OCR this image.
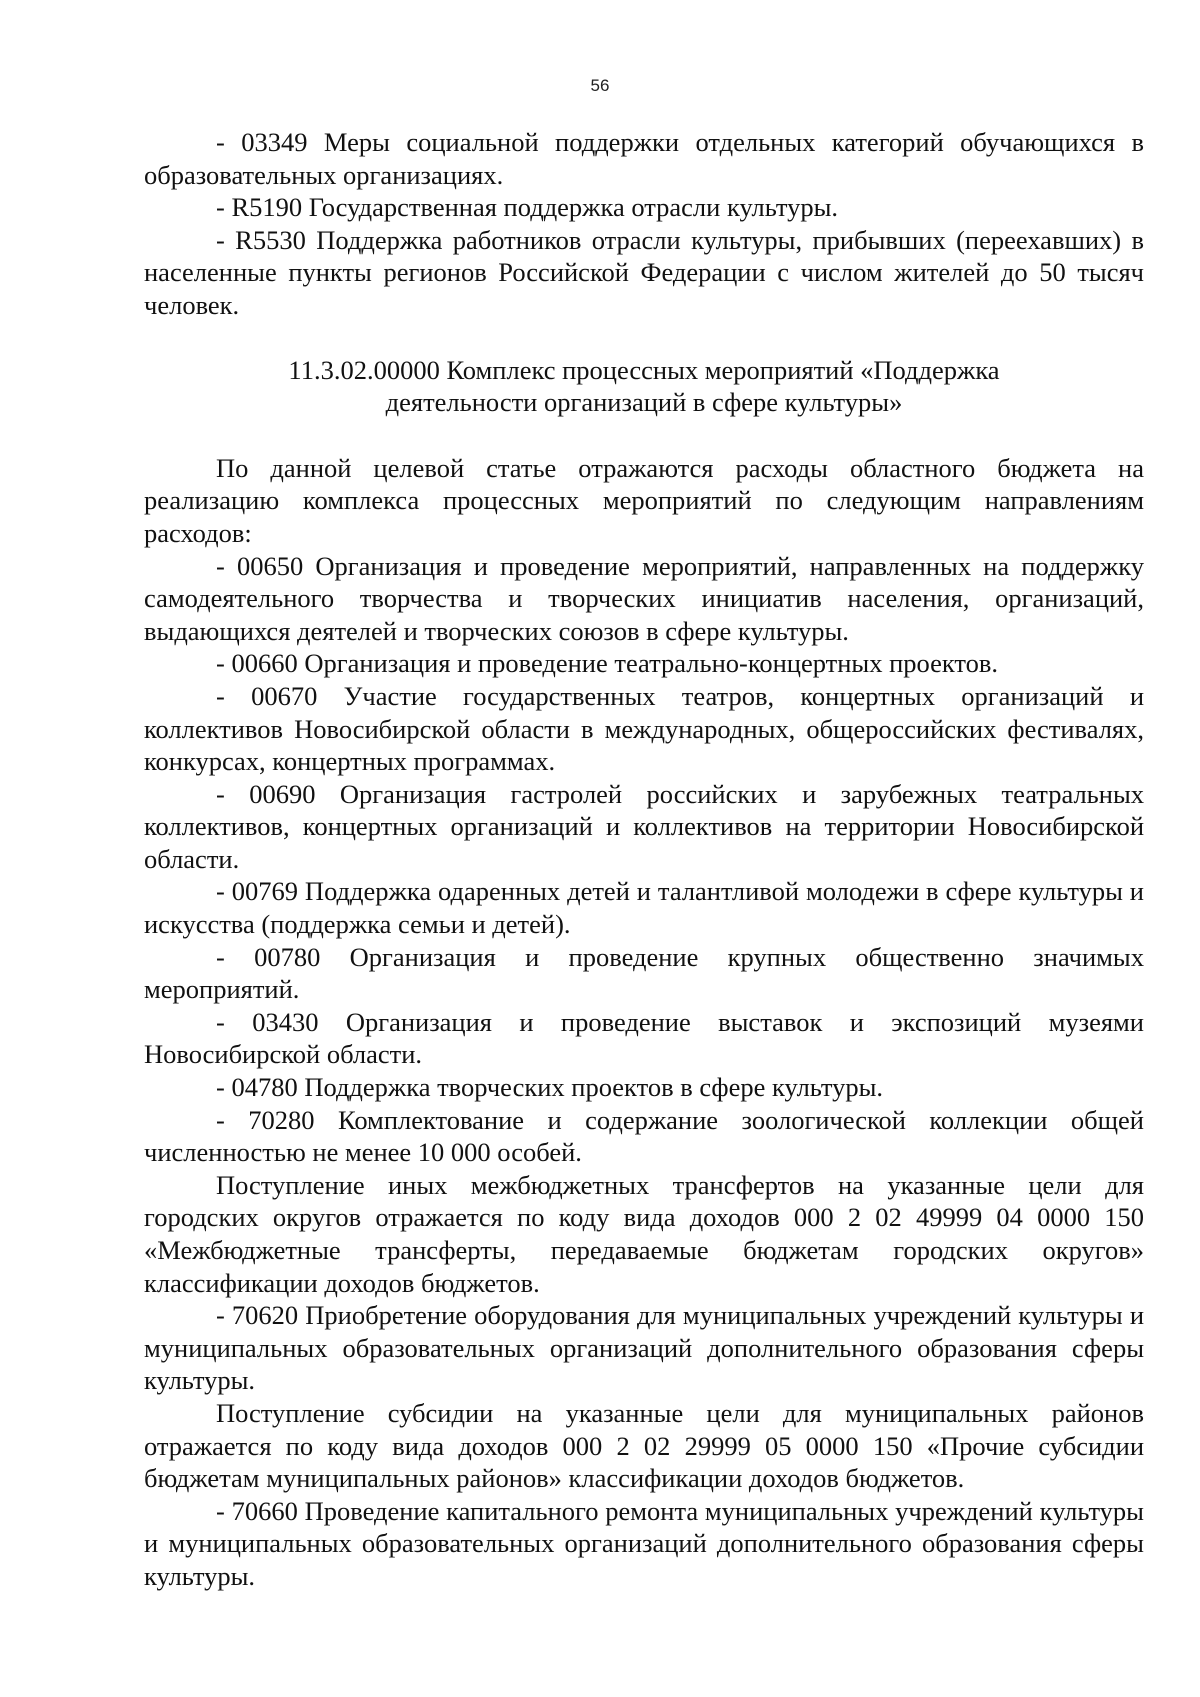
56

- 03349 Меры социальной поддержки отдельных категорий обучающихся в образовательных организациях.

- R5190 Государственная поддержка отрасли культуры.

- R5530 Поддержка работников отрасли культуры, прибывших (переехавших) в населенные пункты регионов Российской Федерации с числом жителей до 50 тысяч человек.

11.3.02.00000 Комплекс процессных мероприятий «Поддержка
деятельности организаций в сфере культуры»

По данной целевой статье отражаются расходы областного бюджета на реализацию комплекса процессных мероприятий по следующим направлениям расходов:

- 00650 Организация и проведение мероприятий, направленных на поддержку самодеятельного творчества и творческих инициатив населения, организаций, выдающихся деятелей и творческих союзов в сфере культуры.

- 00660 Организация и проведение театрально-концертных проектов.

- 00670 Участие государственных театров, концертных организаций и коллективов Новосибирской области в международных, общероссийских фестивалях, конкурсах, концертных программах.

- 00690 Организация гастролей российских и зарубежных театральных коллективов, концертных организаций и коллективов на территории Новосибирской области.

- 00769 Поддержка одаренных детей и талантливой молодежи в сфере культуры и искусства (поддержка семьи и детей).

- 00780 Организация и проведение крупных общественно значимых мероприятий.

- 03430 Организация и проведение выставок и экспозиций музеями Новосибирской области.

- 04780 Поддержка творческих проектов в сфере культуры.

- 70280 Комплектование и содержание зоологической коллекции общей численностью не менее 10 000 особей.

Поступление иных межбюджетных трансфертов на указанные цели для городских округов отражается по коду вида доходов 000 2 02 49999 04 0000 150 «Межбюджетные трансферты, передаваемые бюджетам городских округов» классификации доходов бюджетов.

- 70620 Приобретение оборудования для муниципальных учреждений культуры и муниципальных образовательных организаций дополнительного образования сферы культуры.

Поступление субсидии на указанные цели для муниципальных районов отражается по коду вида доходов 000 2 02 29999 05 0000 150 «Прочие субсидии бюджетам муниципальных районов» классификации доходов бюджетов.

- 70660 Проведение капитального ремонта муниципальных учреждений культуры и муниципальных образовательных организаций дополнительного образования сферы культуры.
